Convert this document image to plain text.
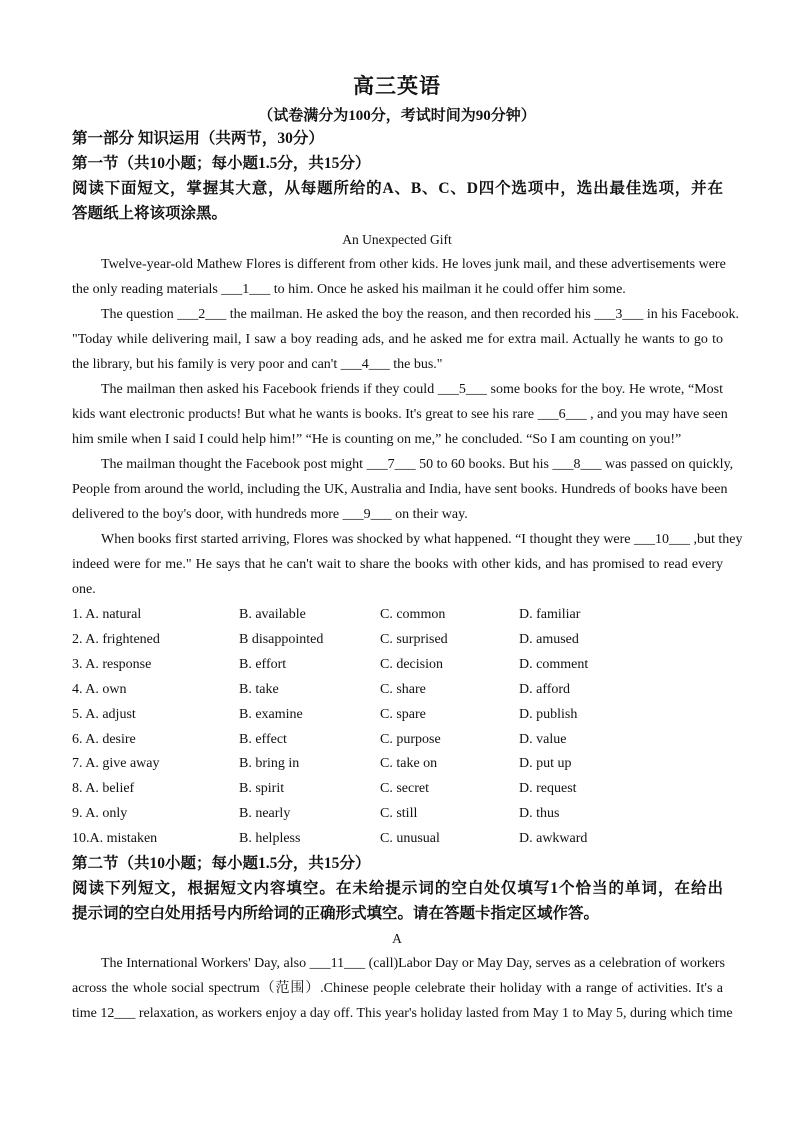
高三英语
（试卷满分为100分，考试时间为90分钟）
第一部分 知识运用（共两节，30分）
第一节（共10小题；每小题1.5分，共15分）
阅读下面短文，掌握其大意，从每题所给的A、B、C、D四个选项中，选出最佳选项，并在
答题纸上将该项涂黑。
An Unexpected Gift
Twelve-year-old Mathew Flores is different from other kids. He loves junk mail, and these advertisements were
the only reading materials ___1___ to him. Once he asked his mailman it he could offer him some.
The question ___2___ the mailman. He asked the boy the reason, and then recorded his ___3___ in his Facebook.
"Today while delivering mail, I saw a boy reading ads, and he asked me for extra mail. Actually he wants to go to
the library, but his family is very poor and can't ___4___ the bus."
The mailman then asked his Facebook friends if they could ___5___ some books for the boy. He wrote, “Most
kids want electronic products! But what he wants is books. It's great to see his rare ___6___ , and you may have seen
him smile when I said I could help him!” “He is counting on me,” he concluded. “So I am counting on you!”
The mailman thought the Facebook post might ___7___ 50 to 60 books. But his ___8___ was passed on quickly,
People from around the world, including the UK, Australia and India, have sent books. Hundreds of books have been
delivered to the boy's door, with hundreds more ___9___ on their way.
When books first started arriving, Flores was shocked by what happened. “I thought they were ___10___ ,but they
indeed were for me." He says that he can't wait to share the books with other kids, and has promised to read every
one.
1. A. natural	B. available	C. common	D. familiar
2. A. frightened	B disappointed	C. surprised	D. amused
3. A. response	B. effort	C. decision	D. comment
4. A. own	B. take	C. share	D. afford
5. A. adjust	B. examine	C. spare	D. publish
6. A. desire	B. effect	C. purpose	D. value
7. A. give away	B. bring in	C. take on	D. put up
8. A. belief	B. spirit	C. secret	D. request
9. A. only	B. nearly	C. still	D. thus
10.A. mistaken	B. helpless	C. unusual	D. awkward
第二节（共10小题；每小题1.5分，共15分）
阅读下列短文，根据短文内容填空。在未给提示词的空白处仅填写1个恰当的单词，在给出
提示词的空白处用括号内所给词的正确形式填空。请在答题卡指定区域作答。
A
The International Workers' Day, also ___11___ (call)Labor Day or May Day, serves as a celebration of workers
across the whole social spectrum（范围）.Chinese people celebrate their holiday with a range of activities. It's a
time 12___ relaxation, as workers enjoy a day off. This year's holiday lasted from May 1 to May 5, during which time
